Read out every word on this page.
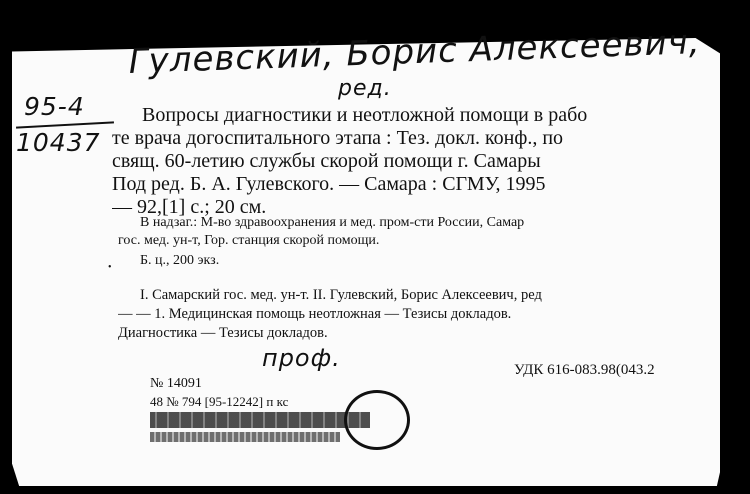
Гулевский, Борис Алексеевич,
ред.
95-4
10437
Вопросы диагностики и неотложной помощи в рабо
те врача догоспитального этапа : Тез. докл. конф., по
свящ. 60-летию службы скорой помощи г. Самары
Под ред. Б. А. Гулевского. — Самара : СГМУ, 1995
— 92,[1] с.; 20 см.
В надзаг.: М-во здравоохранения и мед. пром-сти России, Самар
гос. мед. ун-т, Гор. станция скорой помощи.
•	Б. ц., 200 экз.
I. Самарский гос. мед. ун-т. II. Гулевский, Борис Алексеевич, ред
— — 1. Медицинская помощь неотложная — Тезисы докладов.
Диагностика — Тезисы докладов.
проф.	УДК 616-083.98(043.2
№ 14091
48 № 794 [95-12242] п кс
